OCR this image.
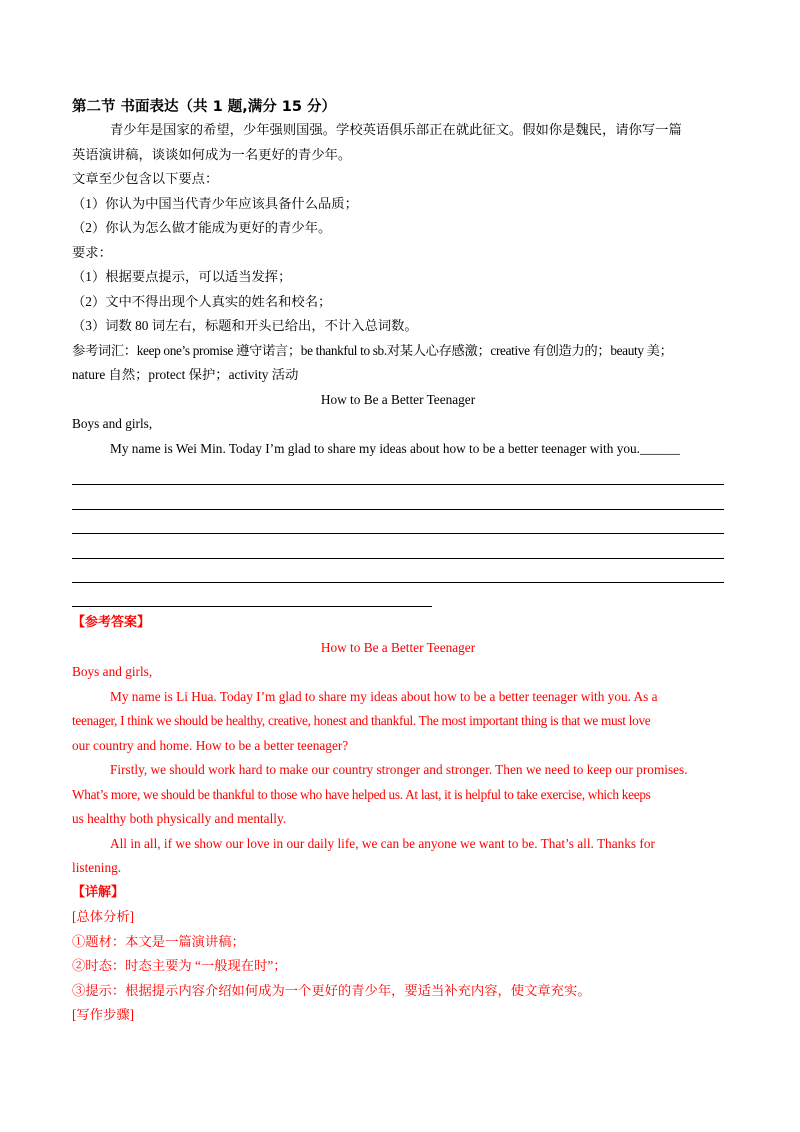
第二节 书面表达（共 1 题,满分 15 分）
青少年是国家的希望，少年强则国强。学校英语俱乐部正在就此征文。假如你是魏民，请你写一篇
英语演讲稿，谈谈如何成为一名更好的青少年。
文章至少包含以下要点：
（1）你认为中国当代青少年应该具备什么品质；
（2）你认为怎么做才能成为更好的青少年。
要求：
（1）根据要点提示，可以适当发挥；
（2）文中不得出现个人真实的姓名和校名；
（3）词数 80 词左右，标题和开头已给出，不计入总词数。
参考词汇：keep one’s promise 遵守诺言；be thankful to sb.对某人心存感激；creative 有创造力的；beauty 美；
nature 自然；protect 保护；activity 活动
How to Be a Better Teenager
Boys and girls,
My name is Wei Min. Today I’m glad to share my ideas about how to be a better teenager with you.______
【参考答案】
How to Be a Better Teenager
Boys and girls,
My name is Li Hua. Today I’m glad to share my ideas about how to be a better teenager with you. As a
teenager, I think we should be healthy, creative, honest and thankful. The most important thing is that we must love
our country and home. How to be a better teenager?
Firstly, we should work hard to make our country stronger and stronger. Then we need to keep our promises.
What’s more, we should be thankful to those who have helped us. At last, it is helpful to take exercise, which keeps
us healthy both physically and mentally.
All in all, if we show our love in our daily life, we can be anyone we want to be. That’s all. Thanks for
listening.
【详解】
[总体分析]
①题材：本文是一篇演讲稿；
②时态：时态主要为 “一般现在时”；
③提示：根据提示内容介绍如何成为一个更好的青少年，要适当补充内容，使文章充实。
[写作步骤]
